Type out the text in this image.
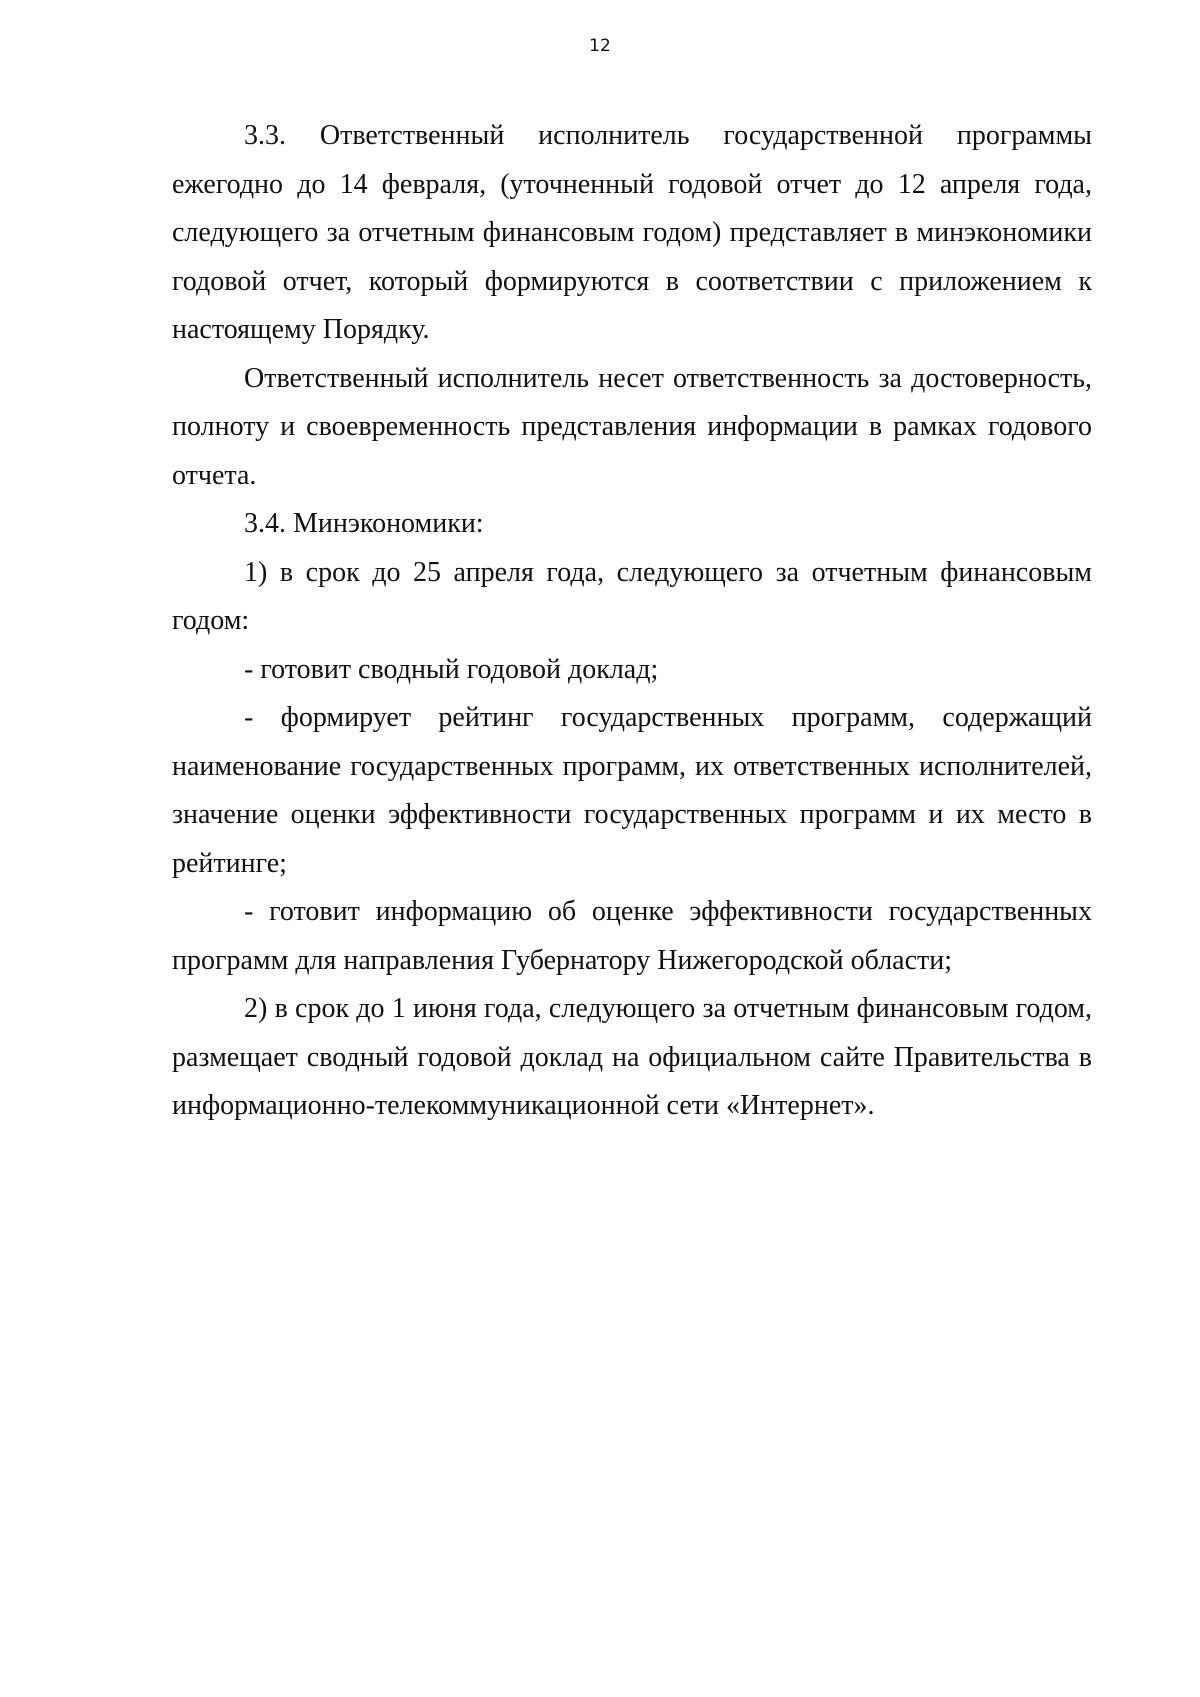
12

3.3. Ответственный исполнитель государственной программы ежегодно до 14 февраля, (уточненный годовой отчет до 12 апреля года, следующего за отчетным финансовым годом) представляет в минэкономики годовой отчет, который формируются в соответствии с приложением к настоящему Порядку.

Ответственный исполнитель несет ответственность за достоверность, полноту и своевременность представления информации в рамках годового отчета.

3.4. Минэкономики:

1) в срок до 25 апреля года, следующего за отчетным финансовым годом:

- готовит сводный годовой доклад;

- формирует рейтинг государственных программ, содержащий наименование государственных программ, их ответственных исполнителей, значение оценки эффективности государственных программ и их место в рейтинге;

- готовит информацию об оценке эффективности государственных программ для направления Губернатору Нижегородской области;

2) в срок до 1 июня года, следующего за отчетным финансовым годом, размещает сводный годовой доклад на официальном сайте Правительства в информационно-телекоммуникационной сети «Интернет».
